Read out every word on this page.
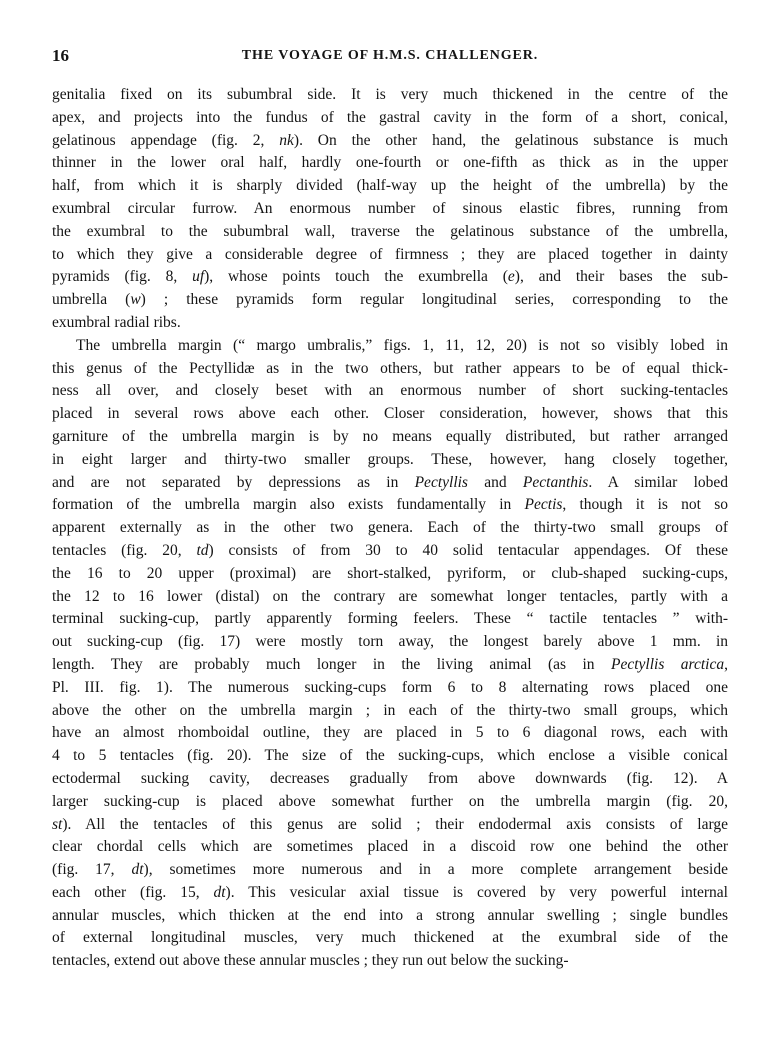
16	THE VOYAGE OF H.M.S. CHALLENGER.
genitalia fixed on its subumbral side. It is very much thickened in the centre of the
apex, and projects into the fundus of the gastral cavity in the form of a short, conical,
gelatinous appendage (fig. 2, nk). On the other hand, the gelatinous substance is much
thinner in the lower oral half, hardly one-fourth or one-fifth as thick as in the upper
half, from which it is sharply divided (half-way up the height of the umbrella) by the
exumbral circular furrow. An enormous number of sinous elastic fibres, running from
the exumbral to the subumbral wall, traverse the gelatinous substance of the umbrella,
to which they give a considerable degree of firmness ; they are placed together in dainty
pyramids (fig. 8, uf), whose points touch the exumbrella (e), and their bases the sub-
umbrella (w) ; these pyramids form regular longitudinal series, corresponding to the
exumbral radial ribs.
The umbrella margin (“ margo umbralis,” figs. 1, 11, 12, 20) is not so visibly lobed in
this genus of the Pectyllidæ as in the two others, but rather appears to be of equal thick-
ness all over, and closely beset with an enormous number of short sucking-tentacles
placed in several rows above each other. Closer consideration, however, shows that this
garniture of the umbrella margin is by no means equally distributed, but rather arranged
in eight larger and thirty-two smaller groups. These, however, hang closely together,
and are not separated by depressions as in Pectyllis and Pectanthis. A similar lobed
formation of the umbrella margin also exists fundamentally in Pectis, though it is not so
apparent externally as in the other two genera. Each of the thirty-two small groups of
tentacles (fig. 20, td) consists of from 30 to 40 solid tentacular appendages. Of these
the 16 to 20 upper (proximal) are short-stalked, pyriform, or club-shaped sucking-cups,
the 12 to 16 lower (distal) on the contrary are somewhat longer tentacles, partly with a
terminal sucking-cup, partly apparently forming feelers. These “ tactile tentacles ” with-
out sucking-cup (fig. 17) were mostly torn away, the longest barely above 1 mm. in
length. They are probably much longer in the living animal (as in Pectyllis arctica,
Pl. III. fig. 1). The numerous sucking-cups form 6 to 8 alternating rows placed one
above the other on the umbrella margin ; in each of the thirty-two small groups, which
have an almost rhomboidal outline, they are placed in 5 to 6 diagonal rows, each with
4 to 5 tentacles (fig. 20). The size of the sucking-cups, which enclose a visible conical
ectodermal sucking cavity, decreases gradually from above downwards (fig. 12). A
larger sucking-cup is placed above somewhat further on the umbrella margin (fig. 20,
st). All the tentacles of this genus are solid ; their endodermal axis consists of large
clear chordal cells which are sometimes placed in a discoid row one behind the other
(fig. 17, dt), sometimes more numerous and in a more complete arrangement beside
each other (fig. 15, dt). This vesicular axial tissue is covered by very powerful internal
annular muscles, which thicken at the end into a strong annular swelling ; single bundles
of external longitudinal muscles, very much thickened at the exumbral side of the
tentacles, extend out above these annular muscles ; they run out below the sucking-
